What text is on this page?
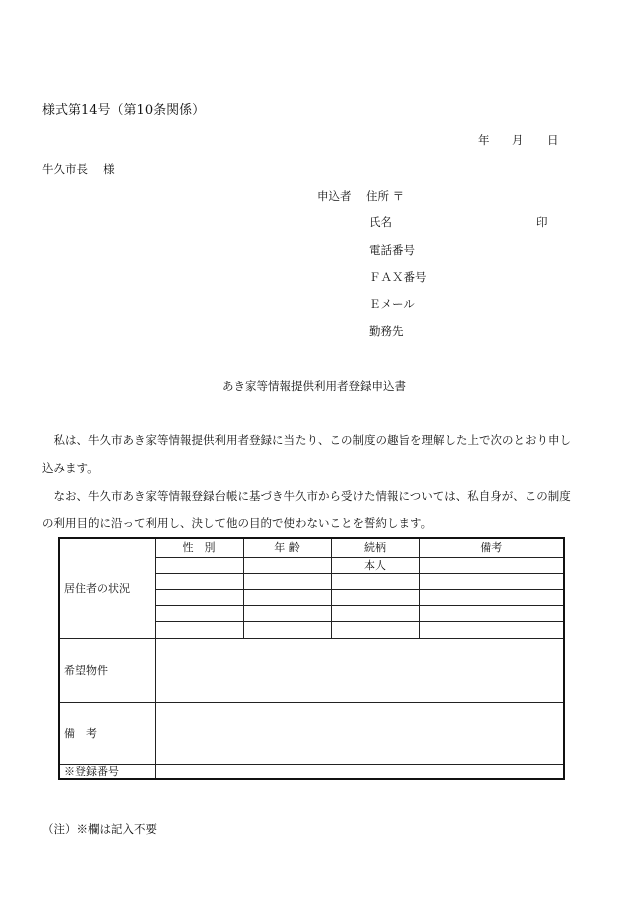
様式第14号（第10条関係）
年 月 日
牛久市長　 様
申込者 住所 〒
氏名	印
電話番号
ＦＡＸ番号
Ｅメール
勤務先
あき家等情報提供利用者登録申込書
　私は、牛久市あき家等情報提供利用者登録に当たり、この制度の趣旨を理解した上で次のとおり申し
込みます。
　なお、牛久市あき家等情報登録台帳に基づき牛久市から受けた情報については、私自身が、この制度
の利用目的に沿って利用し、決して他の目的で使わないことを誓約します。
居住者の状況	性　別	年 齢	続柄	備考
			本人	

希望物件				
備　考				
※登録番号				
（注）※欄は記入不要
